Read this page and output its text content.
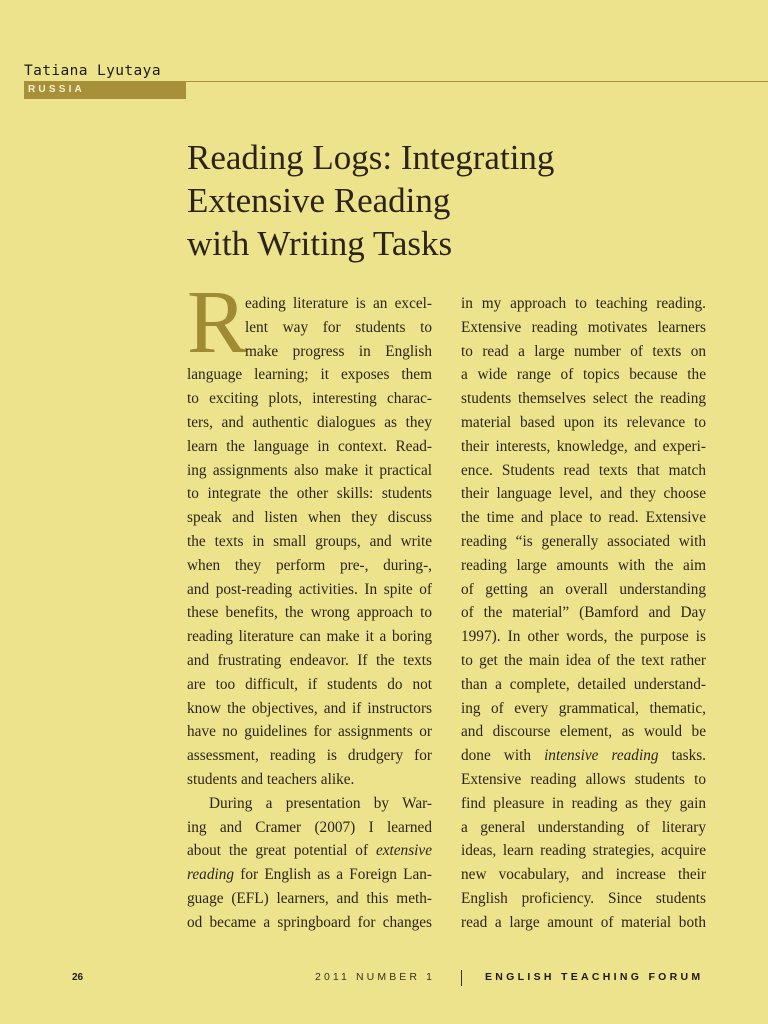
Tatiana Lyutaya
RUSSIA
Reading Logs: Integrating
Extensive Reading
with Writing Tasks
R
eading literature is an excel-
lent way for students to
make progress in English
language learning; it exposes them
to exciting plots, interesting charac-
ters, and authentic dialogues as they
learn the language in context. Read-
ing assignments also make it practical
to integrate the other skills: students
speak and listen when they discuss
the texts in small groups, and write
when they perform pre-, during-,
and post-reading activities. In spite of
these benefits, the wrong approach to
reading literature can make it a boring
and frustrating endeavor. If the texts
are too difficult, if students do not
know the objectives, and if instructors
have no guidelines for assignments or
assessment, reading is drudgery for
students and teachers alike.
During a presentation by War-
ing and Cramer (2007) I learned
about the great potential of extensive
reading for English as a Foreign Lan-
guage (EFL) learners, and this meth-
od became a springboard for changes
in my approach to teaching reading.
Extensive reading motivates learners
to read a large number of texts on
a wide range of topics because the
students themselves select the reading
material based upon its relevance to
their interests, knowledge, and experi-
ence. Students read texts that match
their language level, and they choose
the time and place to read. Extensive
reading “is generally associated with
reading large amounts with the aim
of getting an overall understanding
of the material” (Bamford and Day
1997). In other words, the purpose is
to get the main idea of the text rather
than a complete, detailed understand-
ing of every grammatical, thematic,
and discourse element, as would be
done with intensive reading tasks.
Extensive reading allows students to
find pleasure in reading as they gain
a general understanding of literary
ideas, learn reading strategies, acquire
new vocabulary, and increase their
English proficiency. Since students
read a large amount of material both
26	2011 NUMBER 1	ENGLISH TEACHING FORUM
